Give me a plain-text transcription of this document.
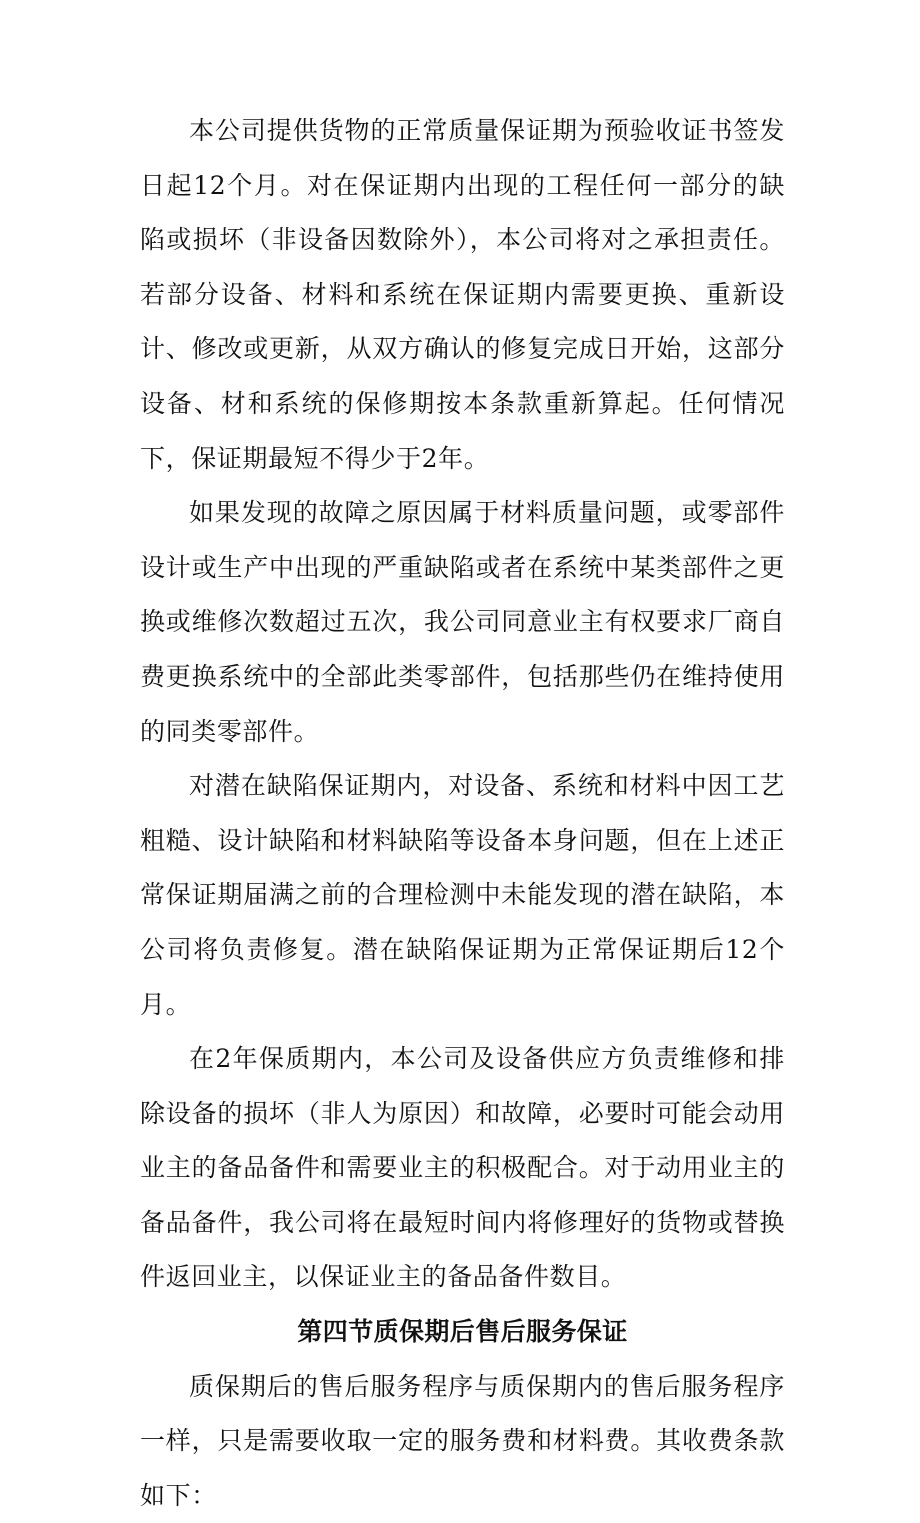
本公司提供货物的正常质量保证期为预验收证书签发日起12个月。对在保证期内出现的工程任何一部分的缺陷或损坏（非设备因数除外），本公司将对之承担责任。若部分设备、材料和系统在保证期内需要更换、重新设计、修改或更新，从双方确认的修复完成日开始，这部分设备、材和系统的保修期按本条款重新算起。任何情况下，保证期最短不得少于2年。

如果发现的故障之原因属于材料质量问题，或零部件设计或生产中出现的严重缺陷或者在系统中某类部件之更换或维修次数超过五次，我公司同意业主有权要求厂商自费更换系统中的全部此类零部件，包括那些仍在维持使用的同类零部件。

对潜在缺陷保证期内，对设备、系统和材料中因工艺粗糙、设计缺陷和材料缺陷等设备本身问题，但在上述正常保证期届满之前的合理检测中未能发现的潜在缺陷，本公司将负责修复。潜在缺陷保证期为正常保证期后12个月。

在2年保质期内，本公司及设备供应方负责维修和排除设备的损坏（非人为原因）和故障，必要时可能会动用业主的备品备件和需要业主的积极配合。对于动用业主的备品备件，我公司将在最短时间内将修理好的货物或替换件返回业主，以保证业主的备品备件数目。

第四节质保期后售后服务保证

质保期后的售后服务程序与质保期内的售后服务程序一样，只是需要收取一定的服务费和材料费。其收费条款如下：
